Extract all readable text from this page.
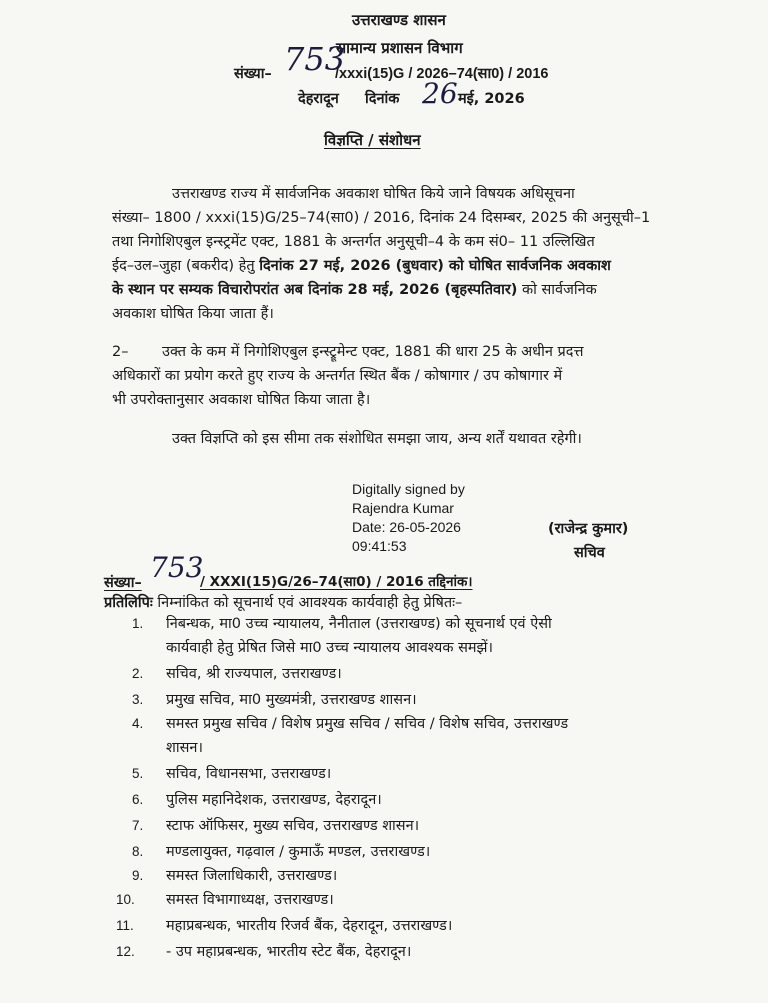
उत्तराखण्ड शासन
सामान्य प्रशासन विभाग
संख्या– 753
/xxxi(15)G / 2026–74(सा0) / 2016
देहरादून दिनांक 26 मई, 2026
विज्ञप्ति / संशोधन
उत्तराखण्ड राज्य में सार्वजनिक अवकाश घोषित किये जाने विषयक अधिसूचना
संख्या– 1800 / xxxi(15)G/25–74(सा0) / 2016, दिनांक 24 दिसम्बर, 2025 की अनुसूची–1
तथा निगोशिएबुल इन्स्ट्रमेंट एक्ट, 1881 के अन्तर्गत अनुसूची–4 के कम सं0– 11 उल्लिखित
ईद–उल–जुहा (बकरीद) हेतु दिनांक 27 मई, 2026 (बुधवार) को घोषित सार्वजनिक अवकाश
के स्थान पर सम्यक विचारोपरांत अब दिनांक 28 मई, 2026 (बृहस्पतिवार) को सार्वजनिक
अवकाश घोषित किया जाता हैं।
2– उक्त के कम में निगोशिएबुल इन्स्ट्रूमेन्ट एक्ट, 1881 की धारा 25 के अधीन प्रदत्त
अधिकारों का प्रयोग करते हुए राज्य के अन्तर्गत स्थित बैंक / कोषागार / उप कोषागार में
भी उपरोक्तानुसार अवकाश घोषित किया जाता है।
उक्त विज्ञप्ति को इस सीमा तक संशोधित समझा जाय, अन्य शर्तें यथावत रहेगी।
Digitally signed by
Rajendra Kumar
Date: 26-05-2026
09:41:53
(राजेन्द्र कुमार)
सचिव
संख्या– 753
/ XXXI(15)G/26–74(सा0) / 2016 तद्दिनांक।
प्रतिलिपिः निम्नांकित को सूचनार्थ एवं आवश्यक कार्यवाही हेतु प्रेषितः–
1. निबन्धक, मा0 उच्च न्यायालय, नैनीताल (उत्तराखण्ड) को सूचनार्थ एवं ऐसी
कार्यवाही हेतु प्रेषित जिसे मा0 उच्च न्यायालय आवश्यक समझें।
2. सचिव, श्री राज्यपाल, उत्तराखण्ड।
3. प्रमुख सचिव, मा0 मुख्यमंत्री, उत्तराखण्ड शासन।
4. समस्त प्रमुख सचिव / विशेष प्रमुख सचिव / सचिव / विशेष सचिव, उत्तराखण्ड
शासन।
5. सचिव, विधानसभा, उत्तराखण्ड।
6. पुलिस महानिदेशक, उत्तराखण्ड, देहरादून।
7. स्टाफ ऑफिसर, मुख्य सचिव, उत्तराखण्ड शासन।
8. मण्डलायुक्त, गढ़वाल / कुमाऊँ मण्डल, उत्तराखण्ड।
9. समस्त जिलाधिकारी, उत्तराखण्ड।
10. समस्त विभागाध्यक्ष, उत्तराखण्ड।
11. महाप्रबन्धक, भारतीय रिजर्व बैंक, देहरादून, उत्तराखण्ड।
12. - उप महाप्रबन्धक, भारतीय स्टेट बैंक, देहरादून।
